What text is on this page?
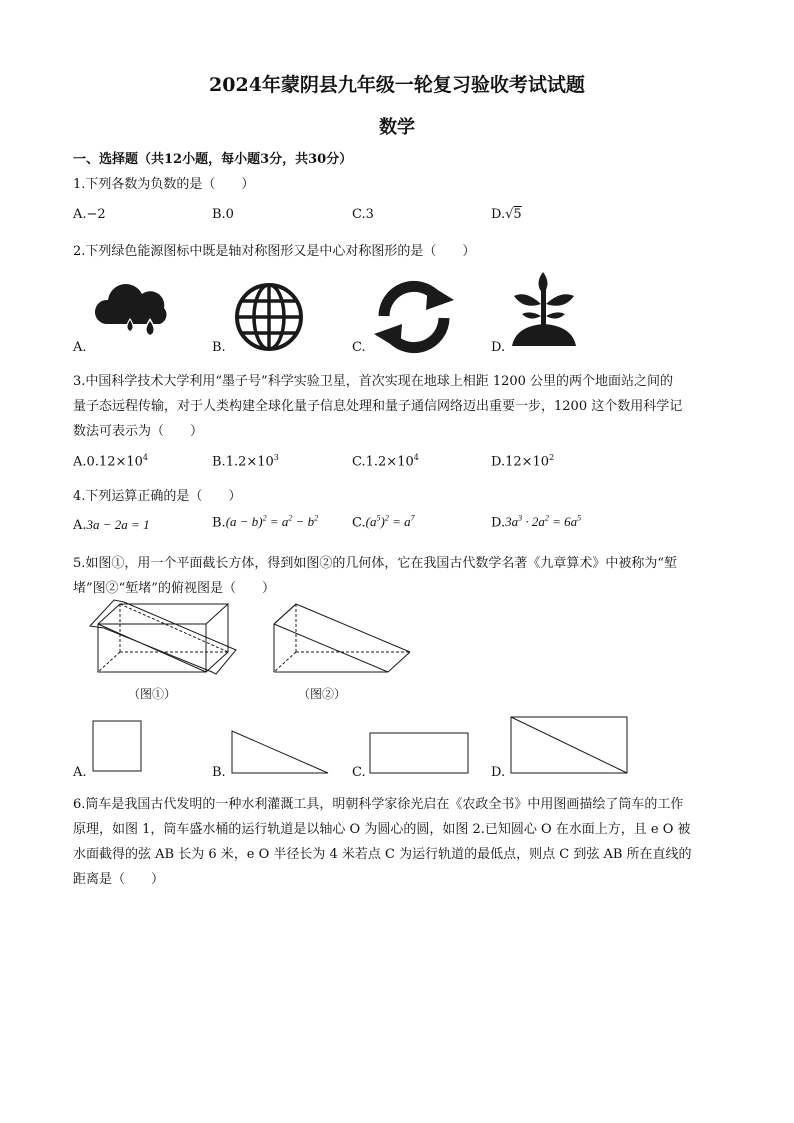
2024年蒙阴县九年级一轮复习验收考试试题
数学
一、选择题（共12小题，每小题3分，共30分）
1.下列各数为负数的是（　　）
A.−2	B.0	C.3	D.√5
2.下列绿色能源图标中既是轴对称图形又是中心对称图形的是（　　）
A.	B.	C.	D.
3.中国科学技术大学利用“墨子号”科学实验卫星，首次实现在地球上相距 1200 公里的两个地面站之间的
量子态远程传输，对于人类构建全球化量子信息处理和量子通信网络迈出重要一步，1200 这个数用科学记
数法可表示为（　　）
$A.0.12\times 10^4$	$B.1.2\times 10^3$	$C.1.2\times 10^4$	$D.12\times 10^2$
4.下列运算正确的是（　　）
A.3a − 2a = 1	$B.(a - b)^2 = a^2 - b^2$	$C.(a^5)^2 = a^7$	$D.3a^3 \cdot 2a^2 = 6a^5$
5.如图①，用一个平面截长方体，得到如图②的几何体，它在我国古代数学名著《九章算术》中被称为“堑
堵”图②“堑堵”的俯视图是（　　）
（图①）	（图②）
A.	B.	C.	D.
6.筒车是我国古代发明的一种水利灌溉工具，明朝科学家徐光启在《农政全书》中用图画描绘了筒车的工作
原理，如图 1，筒车盛水桶的运行轨道是以轴心 O 为圆心的圆，如图 2.已知圆心 O 在水面上方，且 e O 被
水面截得的弦 AB 长为 6 米，e O 半径长为 4 米若点 C 为运行轨道的最低点，则点 C 到弦 AB 所在直线的
距离是（　　）
